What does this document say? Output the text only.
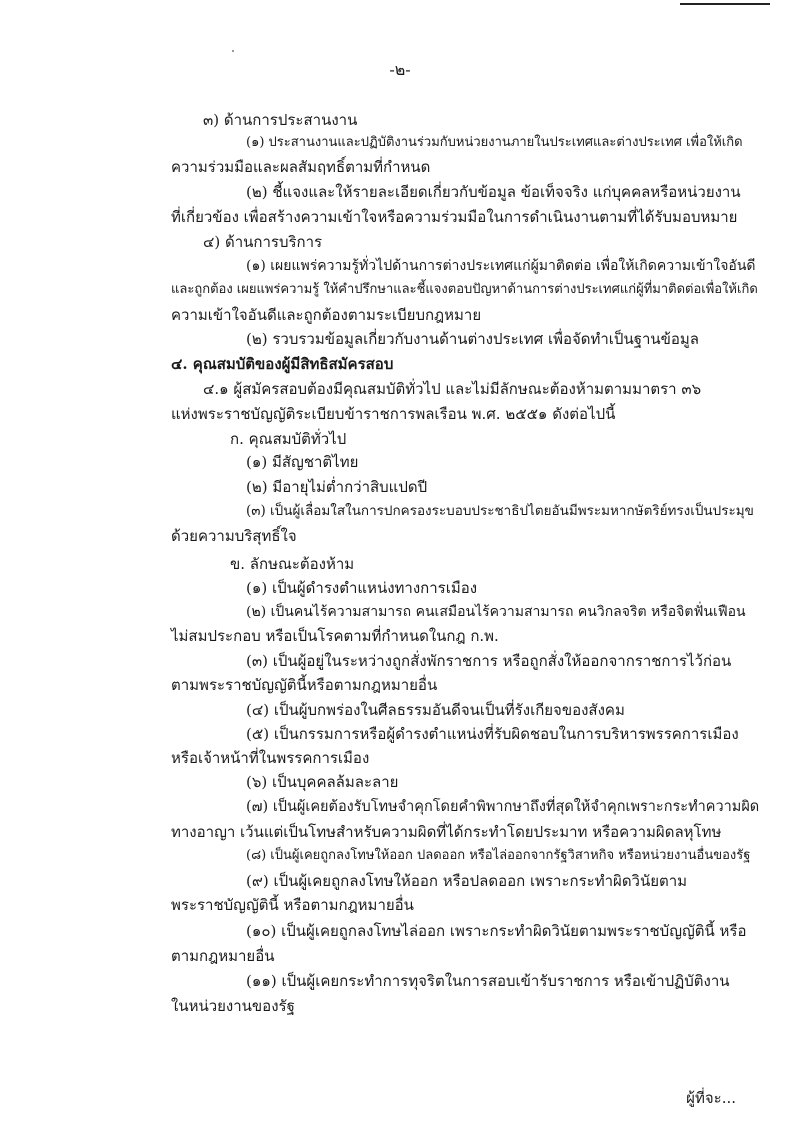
-๒-
๓) ด้านการประสานงาน
(๑) ประสานงานและปฏิบัติงานร่วมกับหน่วยงานภายในประเทศและต่างประเทศ เพื่อให้เกิด
ความร่วมมือและผลสัมฤทธิ์ตามที่กำหนด
(๒) ชี้แจงและให้รายละเอียดเกี่ยวกับข้อมูล ข้อเท็จจริง แก่บุคคลหรือหน่วยงาน
ที่เกี่ยวข้อง เพื่อสร้างความเข้าใจหรือความร่วมมือในการดำเนินงานตามที่ได้รับมอบหมาย
๔) ด้านการบริการ
(๑) เผยแพร่ความรู้ทั่วไปด้านการต่างประเทศแก่ผู้มาติดต่อ เพื่อให้เกิดความเข้าใจอันดี
และถูกต้อง เผยแพร่ความรู้ ให้คำปรึกษาและชี้แจงตอบปัญหาด้านการต่างประเทศแก่ผู้ที่มาติดต่อเพื่อให้เกิด
ความเข้าใจอันดีและถูกต้องตามระเบียบกฎหมาย
(๒) รวบรวมข้อมูลเกี่ยวกับงานด้านต่างประเทศ เพื่อจัดทำเป็นฐานข้อมูล
๔. คุณสมบัติของผู้มีสิทธิสมัครสอบ
๔.๑ ผู้สมัครสอบต้องมีคุณสมบัติทั่วไป และไม่มีลักษณะต้องห้ามตามมาตรา ๓๖
แห่งพระราชบัญญัติระเบียบข้าราชการพลเรือน พ.ศ. ๒๕๕๑ ดังต่อไปนี้
ก. คุณสมบัติทั่วไป
(๑) มีสัญชาติไทย
(๒) มีอายุไม่ต่ำกว่าสิบแปดปี
(๓) เป็นผู้เลื่อมใสในการปกครองระบอบประชาธิปไตยอันมีพระมหากษัตริย์ทรงเป็นประมุข
ด้วยความบริสุทธิ์ใจ
ข. ลักษณะต้องห้าม
(๑) เป็นผู้ดำรงตำแหน่งทางการเมือง
(๒) เป็นคนไร้ความสามารถ คนเสมือนไร้ความสามารถ คนวิกลจริต หรือจิตฟั่นเฟือน
ไม่สมประกอบ หรือเป็นโรคตามที่กำหนดในกฎ ก.พ.
(๓) เป็นผู้อยู่ในระหว่างถูกสั่งพักราชการ หรือถูกสั่งให้ออกจากราชการไว้ก่อน
ตามพระราชบัญญัตินี้หรือตามกฎหมายอื่น
(๔) เป็นผู้บกพร่องในศีลธรรมอันดีจนเป็นที่รังเกียจของสังคม
(๕) เป็นกรรมการหรือผู้ดำรงตำแหน่งที่รับผิดชอบในการบริหารพรรคการเมือง
หรือเจ้าหน้าที่ในพรรคการเมือง
(๖) เป็นบุคคลล้มละลาย
(๗) เป็นผู้เคยต้องรับโทษจำคุกโดยคำพิพากษาถึงที่สุดให้จำคุกเพราะกระทำความผิด
ทางอาญา เว้นแต่เป็นโทษสำหรับความผิดที่ได้กระทำโดยประมาท หรือความผิดลหุโทษ
(๘) เป็นผู้เคยถูกลงโทษให้ออก ปลดออก หรือไล่ออกจากรัฐวิสาหกิจ หรือหน่วยงานอื่นของรัฐ
(๙) เป็นผู้เคยถูกลงโทษให้ออก หรือปลดออก เพราะกระทำผิดวินัยตาม
พระราชบัญญัตินี้ หรือตามกฎหมายอื่น
(๑๐) เป็นผู้เคยถูกลงโทษไล่ออก เพราะกระทำผิดวินัยตามพระราชบัญญัตินี้ หรือ
ตามกฎหมายอื่น
(๑๑) เป็นผู้เคยกระทำการทุจริตในการสอบเข้ารับราชการ หรือเข้าปฏิบัติงาน
ในหน่วยงานของรัฐ
ผู้ที่จะ...
